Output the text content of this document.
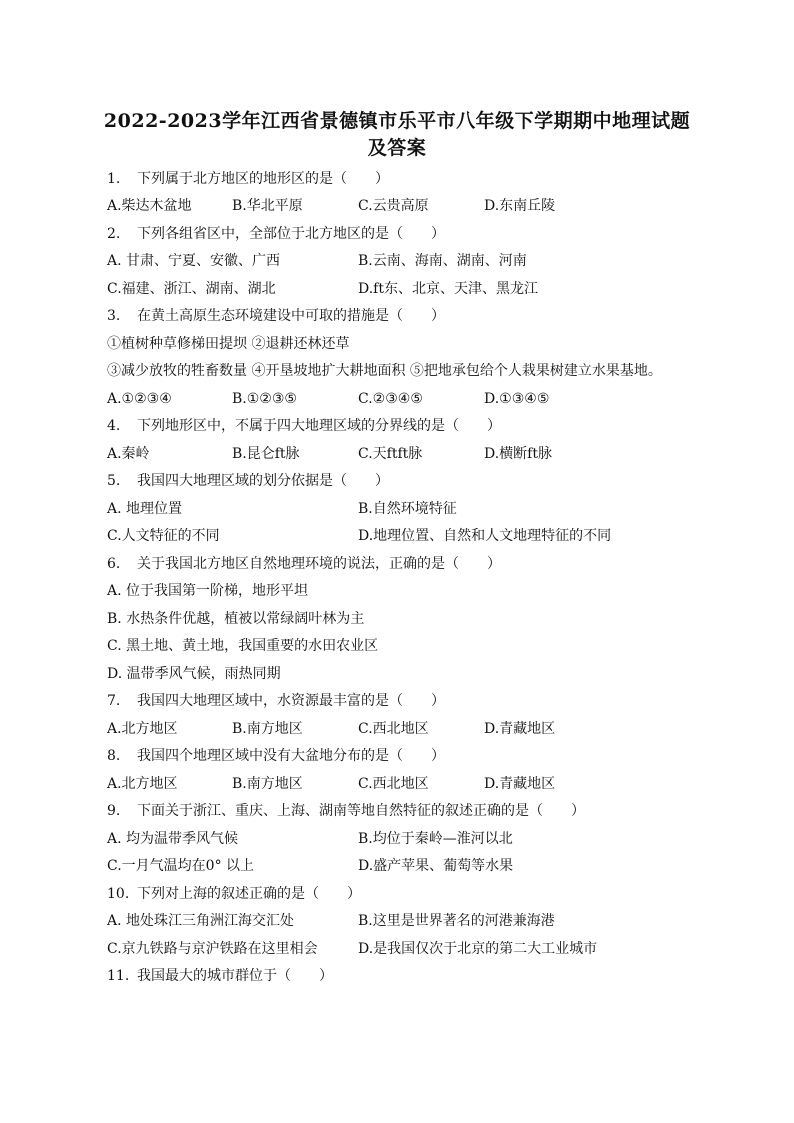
2022-2023学年江西省景德镇市乐平市八年级下学期期中地理试题
及答案
1. 下列属于北方地区的地形区的是（　　）
A.柴达木盆地	B.华北平原	C.云贵高原	D.东南丘陵
2. 下列各组省区中，全部位于北方地区的是（　　）
A. 甘肃、宁夏、安徽、广西	B.云南、海南、湖南、河南
C.福建、浙江、湖南、湖北	D.ft东、北京、天津、黑龙江
3. 在黄土高原生态环境建设中可取的措施是（　　）
①植树种草修梯田提坝 ②退耕还林还草
③减少放牧的牲畜数量 ④开垦坡地扩大耕地面积 ⑤把地承包给个人栽果树建立水果基地。
A.①②③④	B.①②③⑤	C.②③④⑤	D.①③④⑤
4. 下列地形区中，不属于四大地理区域的分界线的是（　　）
A.秦岭	B.昆仑ft脉	C.天ftft脉	D.横断ft脉
5. 我国四大地理区域的划分依据是（　　）
A. 地理位置	B.自然环境特征
C.人文特征的不同	D.地理位置、自然和人文地理特征的不同
6. 关于我国北方地区自然地理环境的说法，正确的是（　　）
A. 位于我国第一阶梯，地形平坦
B. 水热条件优越，植被以常绿阔叶林为主
C. 黑土地、黄土地，我国重要的水田农业区
D. 温带季风气候，雨热同期
7. 我国四大地理区域中，水资源最丰富的是（　　）
A.北方地区	B.南方地区	C.西北地区	D.青藏地区
8. 我国四个地理区域中没有大盆地分布的是（　　）
A.北方地区	B.南方地区	C.西北地区	D.青藏地区
9. 下面关于浙江、重庆、上海、湖南等地自然特征的叙述正确的是（　　）
A. 均为温带季风气候	B.均位于秦岭—淮河以北
C.一月气温均在0° 以上	D.盛产苹果、葡萄等水果
10. 下列对上海的叙述正确的是（　　）
A. 地处珠江三角洲江海交汇处	B.这里是世界著名的河港兼海港
C.京九铁路与京沪铁路在这里相会	D.是我国仅次于北京的第二大工业城市
11. 我国最大的城市群位于（　　）
